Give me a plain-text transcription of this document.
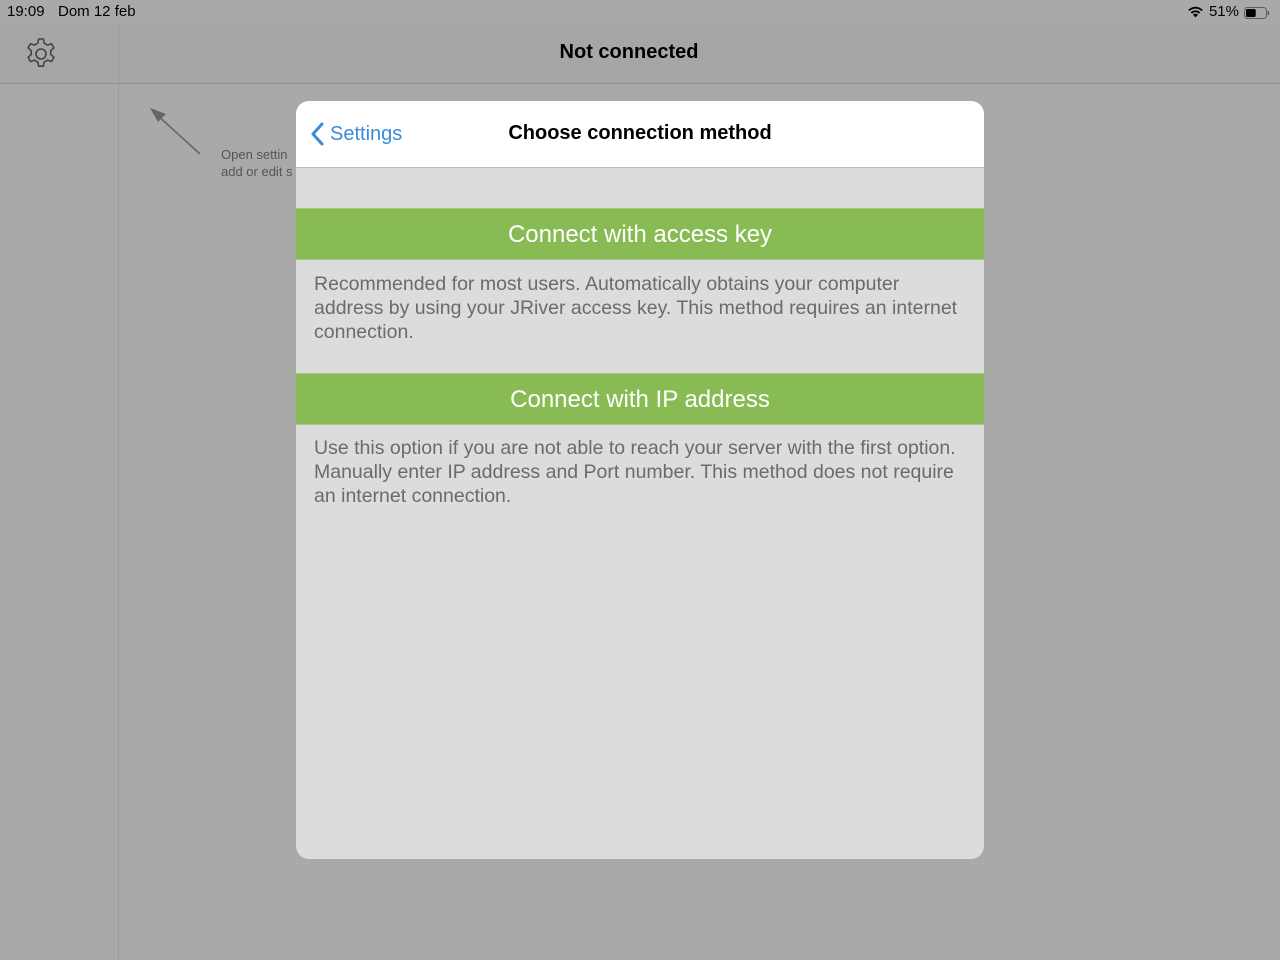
19:09 Dom 12 feb	51%
Not connected
Open settin
add or edit s
Settings	Choose connection method
Connect with access key
Recommended for most users. Automatically obtains your computer address by using your JRiver access key. This method requires an internet connection.
Connect with IP address
Use this option if you are not able to reach your server with the first option. Manually enter IP address and Port number. This method does not require an internet connection.
